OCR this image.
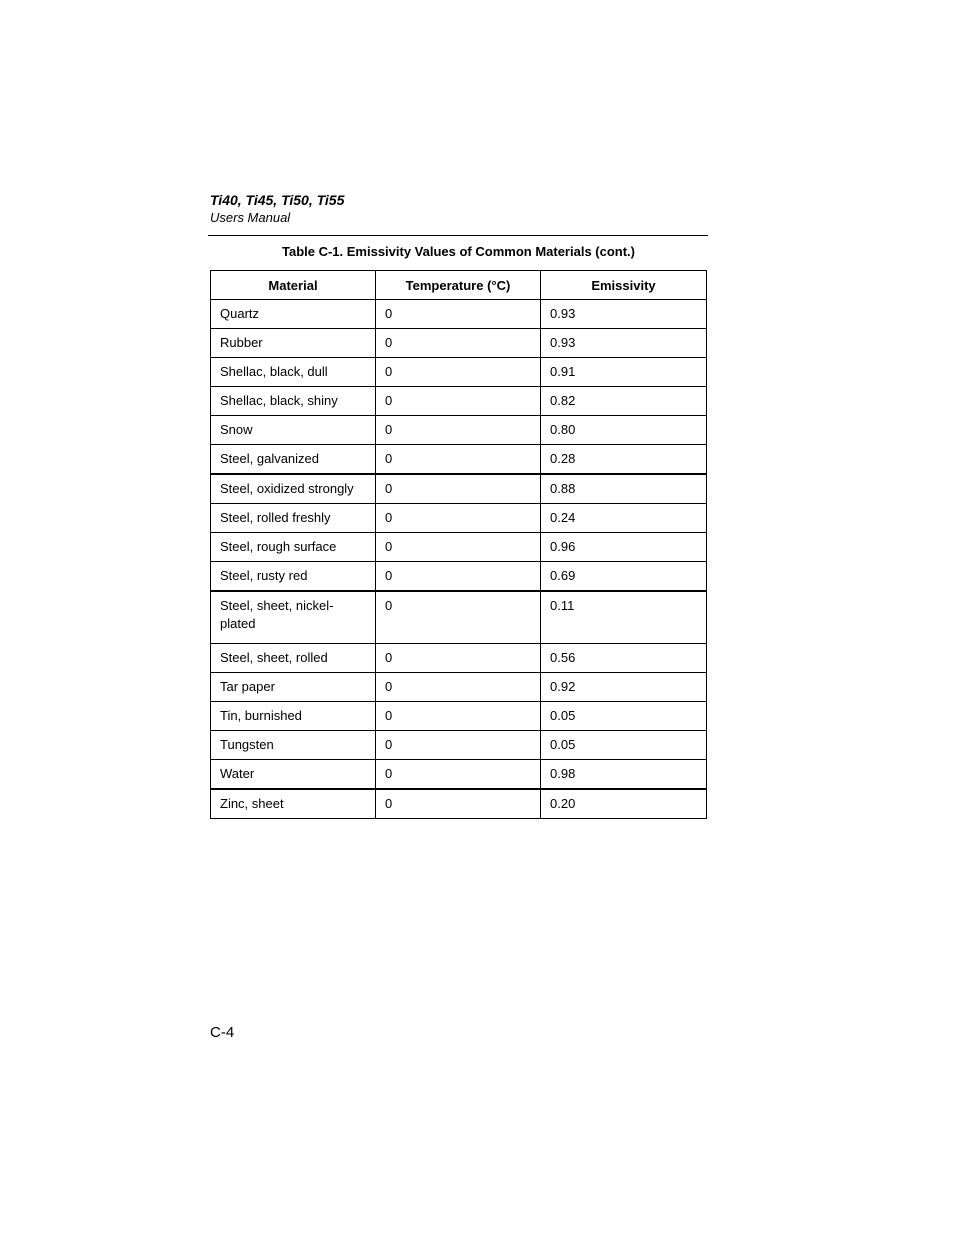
Ti40, Ti45, Ti50, Ti55
Users Manual
Table C-1. Emissivity Values of Common Materials (cont.)
Material	Temperature (°C)	Emissivity
Quartz	0	0.93
Rubber	0	0.93
Shellac, black, dull	0	0.91
Shellac, black, shiny	0	0.82
Snow	0	0.80
Steel, galvanized	0	0.28
Steel, oxidized strongly	0	0.88
Steel, rolled freshly	0	0.24
Steel, rough surface	0	0.96
Steel, rusty red	0	0.69
Steel, sheet, nickel-plated	0	0.11
Steel, sheet, rolled	0	0.56
Tar paper	0	0.92
Tin, burnished	0	0.05
Tungsten	0	0.05
Water	0	0.98
Zinc, sheet	0	0.20
C-4
